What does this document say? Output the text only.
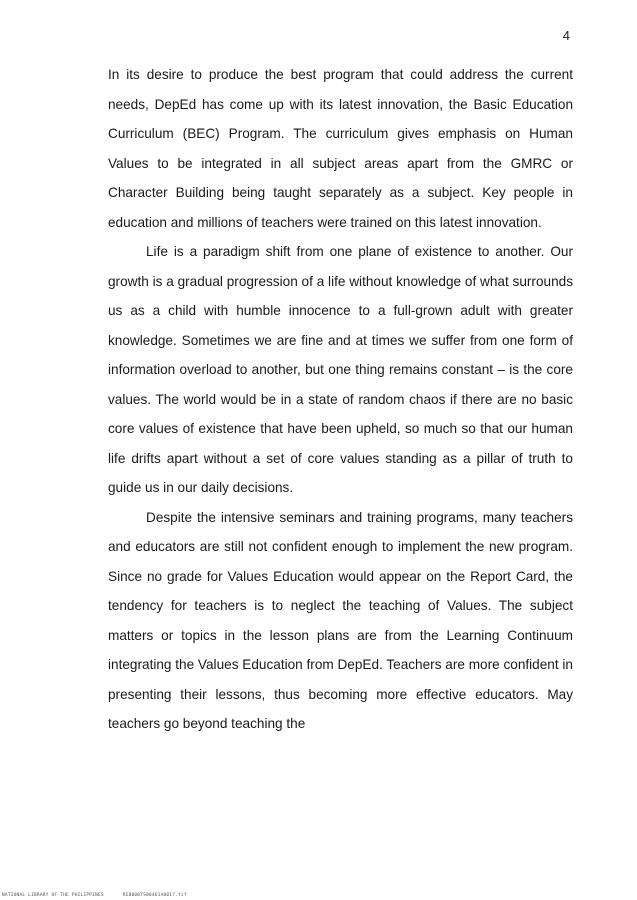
4

In its desire to produce the best program that could address the current needs, DepEd has come up with its latest innovation, the Basic Education Curriculum (BEC) Program. The curriculum gives emphasis on Human Values to be integrated in all subject areas apart from the GMRC or Character Building being taught separately as a subject. Key people in education and millions of teachers were trained on this latest innovation.

Life is a paradigm shift from one plane of existence to another. Our growth is a gradual progression of a life without knowledge of what surrounds us as a child with humble innocence to a full-grown adult with greater knowledge. Sometimes we are fine and at times we suffer from one form of information overload to another, but one thing remains constant – is the core values. The world would be in a state of random chaos if there are no basic core values of existence that have been upheld, so much so that our human life drifts apart without a set of core values standing as a pillar of truth to guide us in our daily decisions.

Despite the intensive seminars and training programs, many teachers and educators are still not confident enough to implement the new program. Since no grade for Values Education would appear on the Report Card, the tendency for teachers is to neglect the teaching of Values. The subject matters or topics in the lesson plans are from the Learning Continuum integrating the Values Education from DepEd. Teachers are more confident in presenting their lessons, thus becoming more effective educators. May teachers go beyond teaching the

NATIONAL LIBRARY OF THE PHILIPPINES	RE0000TS00461A0017.tif
